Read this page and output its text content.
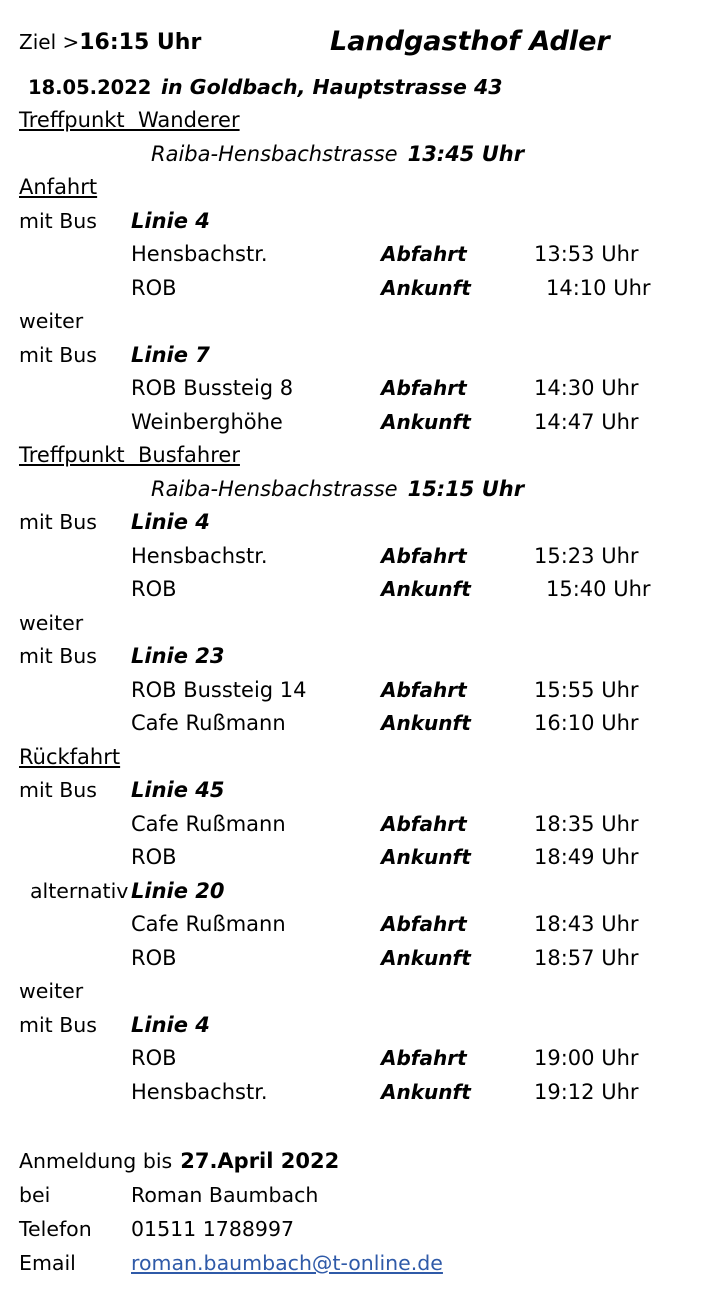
Ziel >16:15 Uhr	Landgasthof Adler
18.05.2022 in Goldbach, Hauptstrasse 43
Treffpunkt  Wanderer
Raiba-Hensbachstrasse 13:45 Uhr
Anfahrt
mit Bus	Linie 4
Hensbachstr.	Abfahrt	13:53 Uhr
ROB	Ankunft	14:10 Uhr
weiter
mit Bus	Linie 7
ROB Bussteig 8	Abfahrt	14:30 Uhr
Weinberghöhe	Ankunft	14:47 Uhr
Treffpunkt  Busfahrer
Raiba-Hensbachstrasse 15:15 Uhr
mit Bus	Linie 4
Hensbachstr.	Abfahrt	15:23 Uhr
ROB	Ankunft	15:40 Uhr
weiter
mit Bus	Linie 23
ROB Bussteig 14	Abfahrt	15:55 Uhr
Cafe Rußmann	Ankunft	16:10 Uhr
Rückfahrt
mit Bus	Linie 45
Cafe Rußmann	Abfahrt	18:35 Uhr
ROB	Ankunft	18:49 Uhr
alternativ Linie 20
Cafe Rußmann	Abfahrt	18:43 Uhr
ROB	Ankunft	18:57 Uhr
weiter
mit Bus	Linie 4
ROB	Abfahrt	19:00 Uhr
Hensbachstr.	Ankunft	19:12 Uhr
Anmeldung bis 27.April 2022
bei	Roman Baumbach
Telefon	01511 1788997
Email	roman.baumbach@t-online.de
